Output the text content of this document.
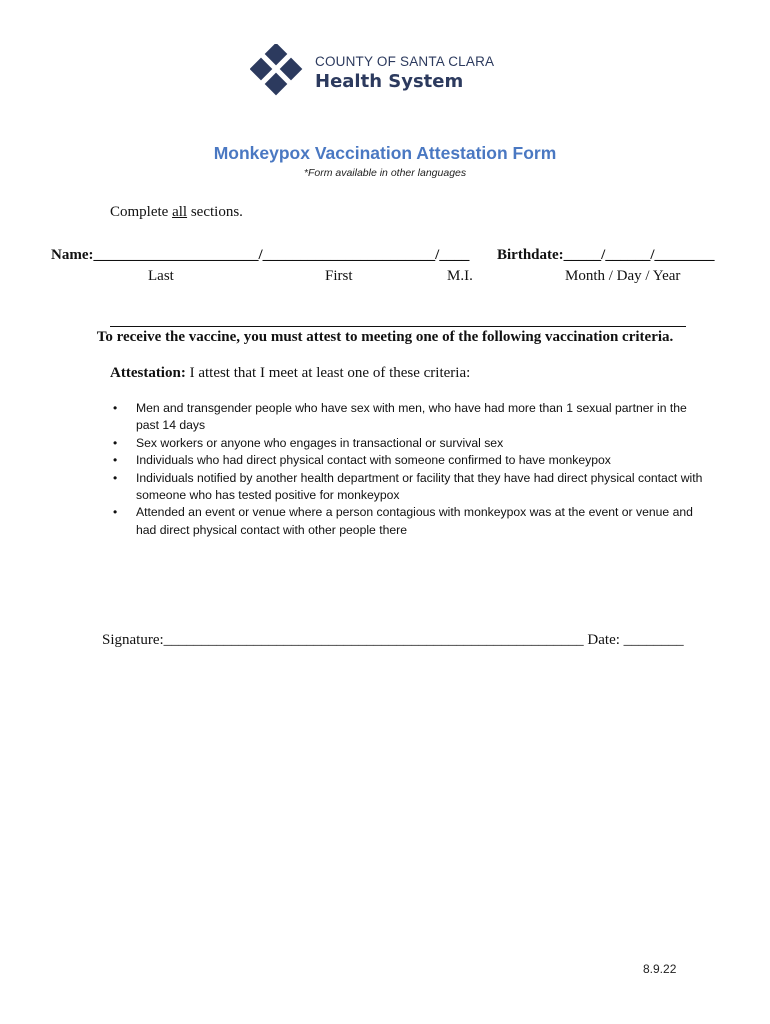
COUNTY OF SANTA CLARA
Health System
Monkeypox Vaccination Attestation Form
*Form available in other languages
Complete all sections.
Name:______________________/_______________________/____ Birthdate:_____/______/________
Last	First	M.I.	Month / Day / Year
To receive the vaccine, you must attest to meeting one of the following vaccination criteria.
Attestation: I attest that I meet at least one of these criteria:
• Men and transgender people who have sex with men, who have had more than 1 sexual partner in the past 14 days
• Sex workers or anyone who engages in transactional or survival sex
• Individuals who had direct physical contact with someone confirmed to have monkeypox
• Individuals notified by another health department or facility that they have had direct physical contact with someone who has tested positive for monkeypox
• Attended an event or venue where a person contagious with monkeypox was at the event or venue and had direct physical contact with other people there
Signature:________________________________________________________ Date: ________
8.9.22
